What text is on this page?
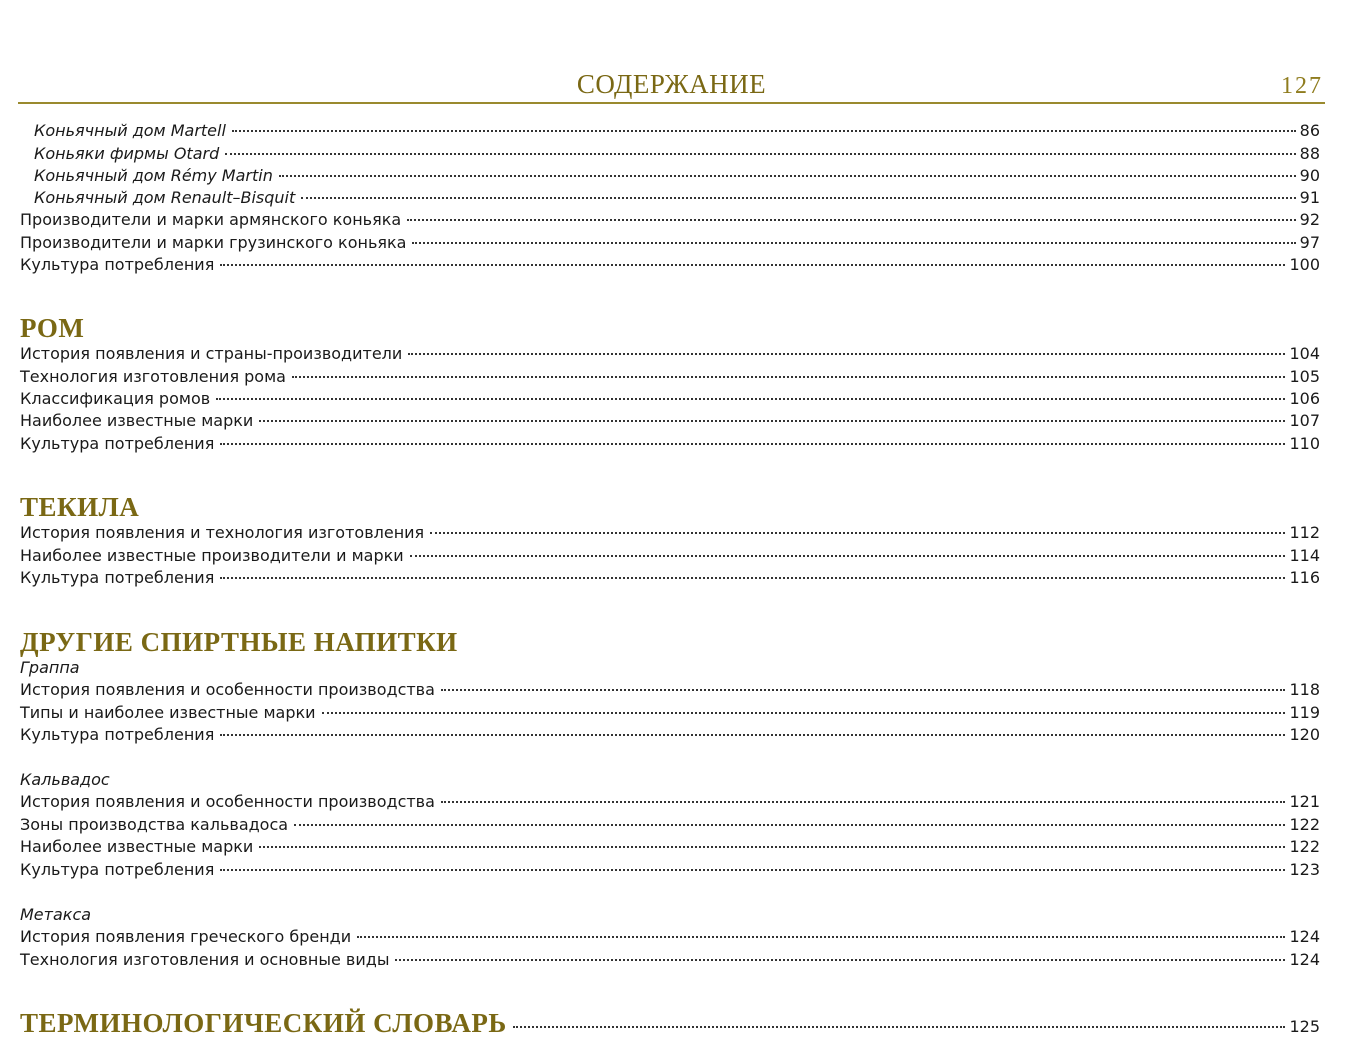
СОДЕРЖАНИЕ	127
Коньячный дом Martell	86
Коньяки фирмы Otard	88
Коньячный дом Rémy Martin	90
Коньячный дом Renault–Bisquit	91
Производители и марки армянского коньяка	92
Производители и марки грузинского коньяка	97
Культура потребления	100
РОМ
История появления и страны-производители	104
Технология изготовления рома	105
Классификация ромов	106
Наиболее известные марки	107
Культура потребления	110
ТЕКИЛА
История появления и технология изготовления	112
Наиболее известные производители и марки	114
Культура потребления	116
ДРУГИЕ СПИРТНЫЕ НАПИТКИ
Граппа
История появления и особенности производства	118
Типы и наиболее известные марки	119
Культура потребления	120
Кальвадос
История появления и особенности производства	121
Зоны производства кальвадоса	122
Наиболее известные марки	122
Культура потребления	123
Метакса
История появления греческого бренди	124
Технология изготовления и основные виды	124
ТЕРМИНОЛОГИЧЕСКИЙ СЛОВАРЬ	125
